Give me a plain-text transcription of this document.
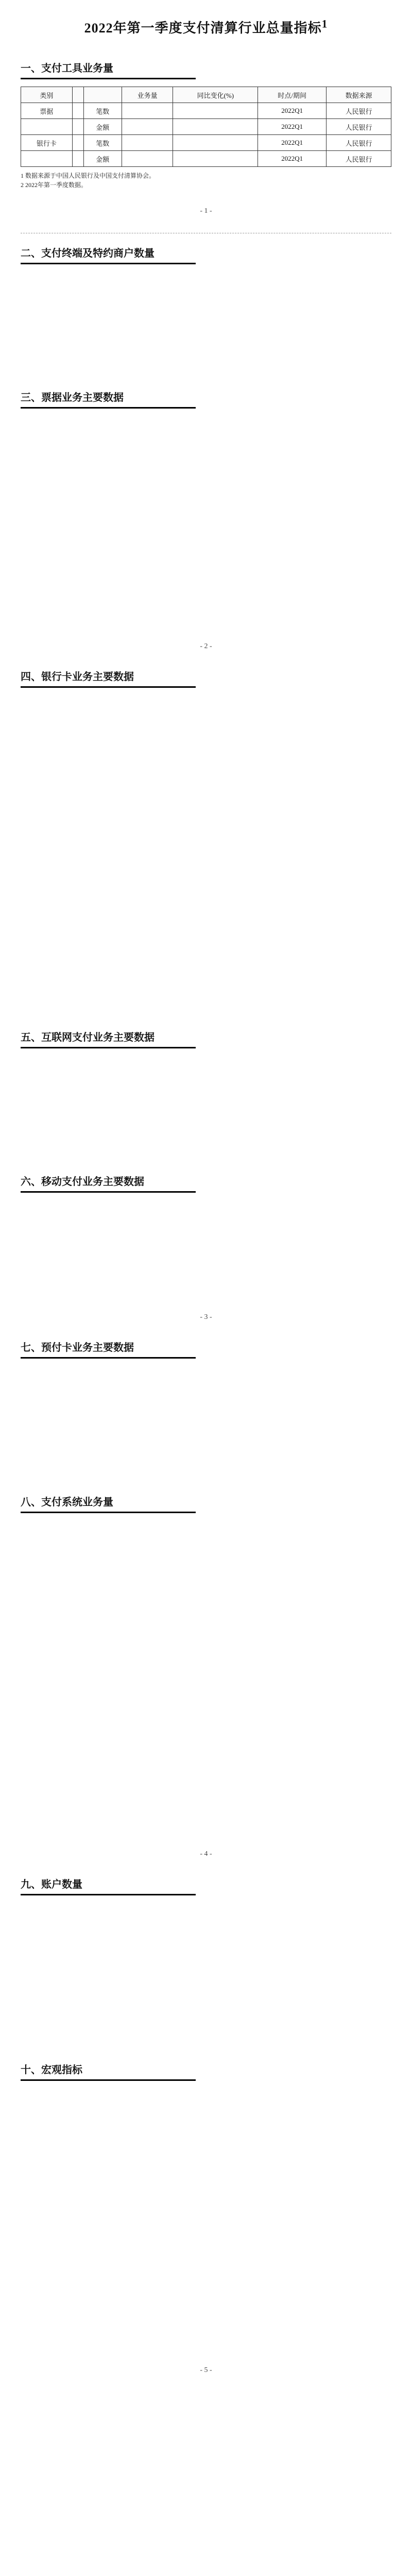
2022年第一季度支付清算行业总量指标$^1$
一、支付工具业务量
类别			业务量	同比变化(%)	时点/期间	数据来源
票据		笔数			2022Q1	人民银行
		金额			2022Q1	人民银行
银行卡		笔数			2022Q1	人民银行
		金额			2022Q1	人民银行
1 数据来源于中国人民银行及中国支付清算协会。
2 2022年第一季度数据。
- 1 -
二、支付终端及特约商户数量
三、票据业务主要数据
- 2 -
四、银行卡业务主要数据
五、互联网支付业务主要数据
六、移动支付业务主要数据
- 3 -
七、预付卡业务主要数据
八、支付系统业务量
- 4 -
九、账户数量
十、宏观指标
- 5 -
